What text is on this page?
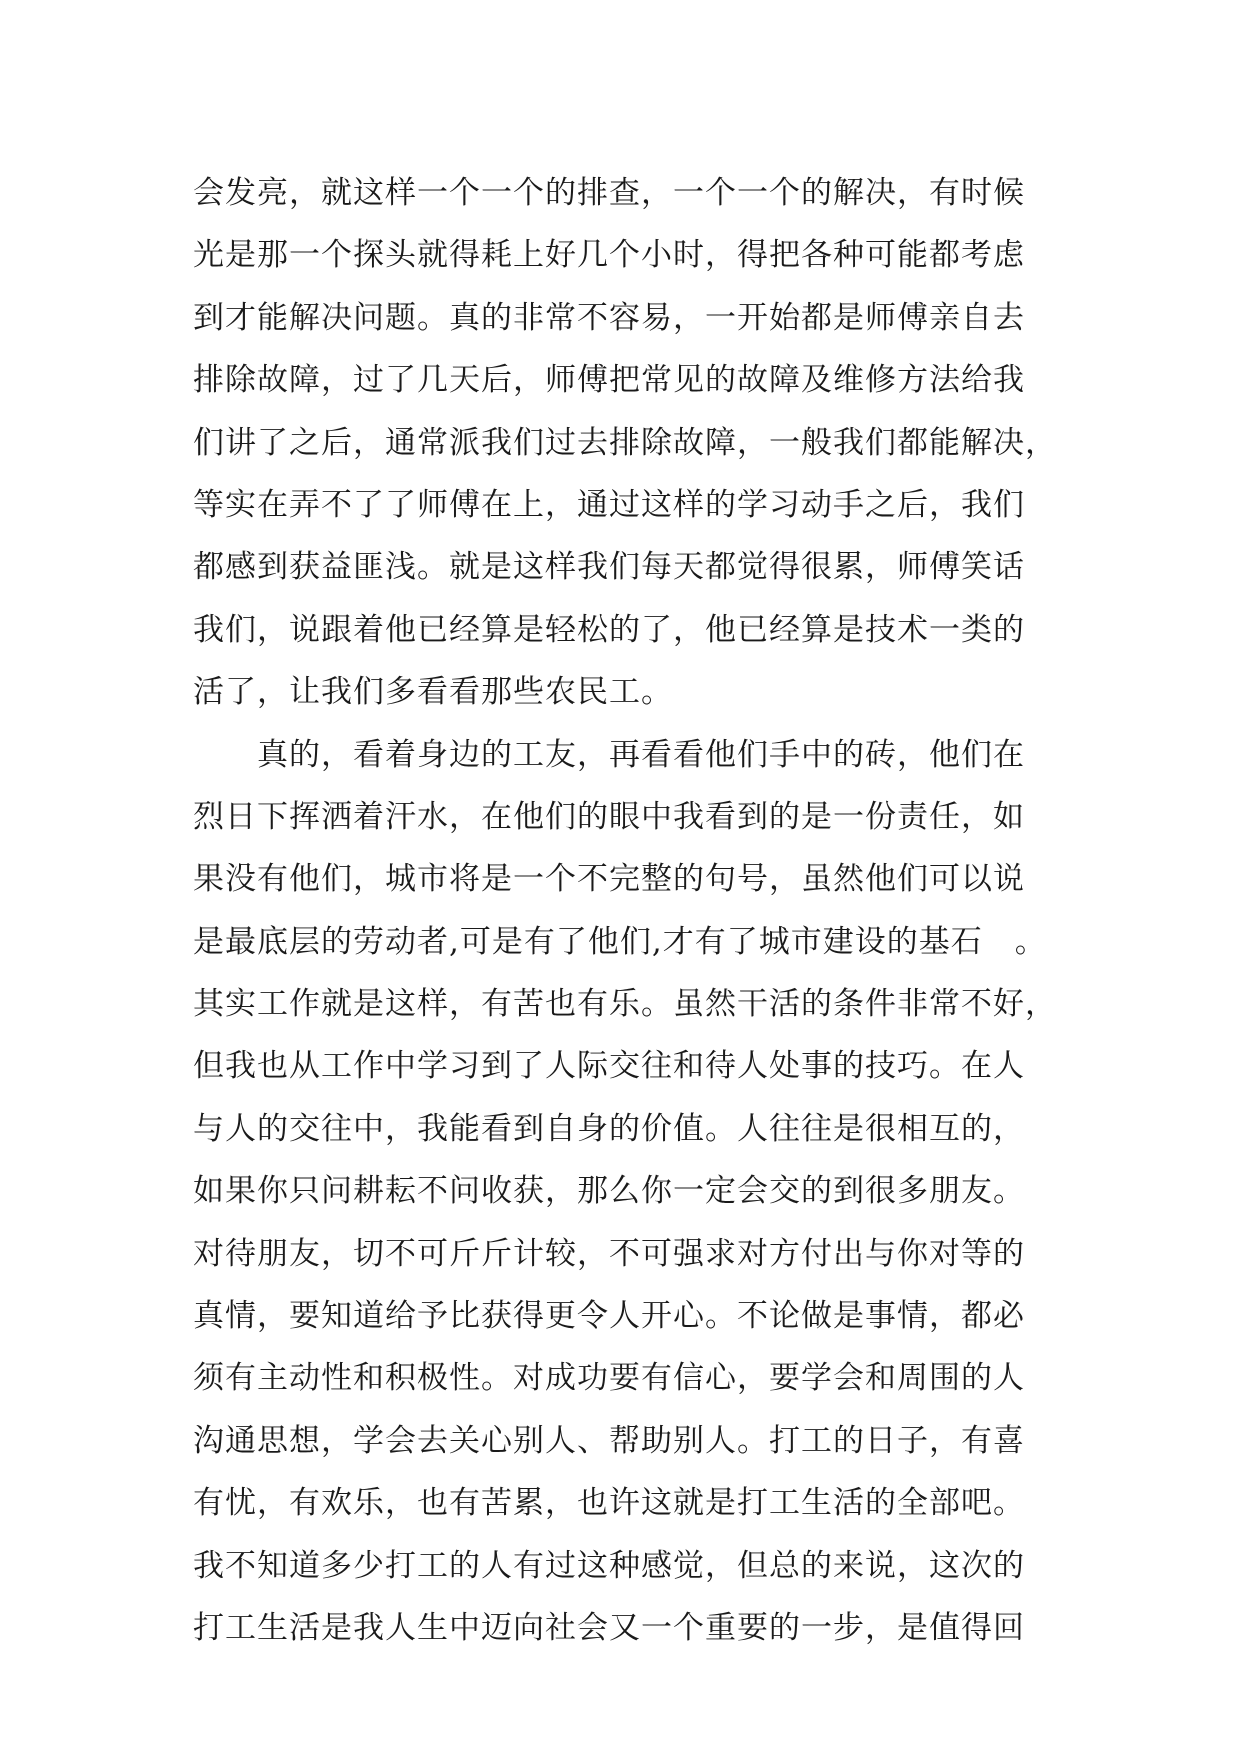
会发亮，就这样一个一个的排查，一个一个的解决，有时候
光是那一个探头就得耗上好几个小时，得把各种可能都考虑
到才能解决问题。真的非常不容易，一开始都是师傅亲自去
排除故障，过了几天后，师傅把常见的故障及维修方法给我
们讲了之后，通常派我们过去排除故障，一般我们都能解决，
等实在弄不了了师傅在上，通过这样的学习动手之后，我们
都感到获益匪浅。就是这样我们每天都觉得很累，师傅笑话
我们，说跟着他已经算是轻松的了，他已经算是技术一类的
活了，让我们多看看那些农民工。
　　真的，看着身边的工友，再看看他们手中的砖，他们在
烈日下挥洒着汗水，在他们的眼中我看到的是一份责任，如
果没有他们，城市将是一个不完整的句号，虽然他们可以说
是最底层的劳动者,可是有了他们,才有了城市建设的基石　。
其实工作就是这样，有苦也有乐。虽然干活的条件非常不好，
但我也从工作中学习到了人际交往和待人处事的技巧。在人
与人的交往中，我能看到自身的价值。人往往是很相互的，
如果你只问耕耘不问收获，那么你一定会交的到很多朋友。
对待朋友，切不可斤斤计较，不可强求对方付出与你对等的
真情，要知道给予比获得更令人开心。不论做是事情，都必
须有主动性和积极性。对成功要有信心，要学会和周围的人
沟通思想，学会去关心别人、帮助别人。打工的日子，有喜
有忧，有欢乐，也有苦累，也许这就是打工生活的全部吧。
我不知道多少打工的人有过这种感觉，但总的来说，这次的
打工生活是我人生中迈向社会又一个重要的一步，是值得回
